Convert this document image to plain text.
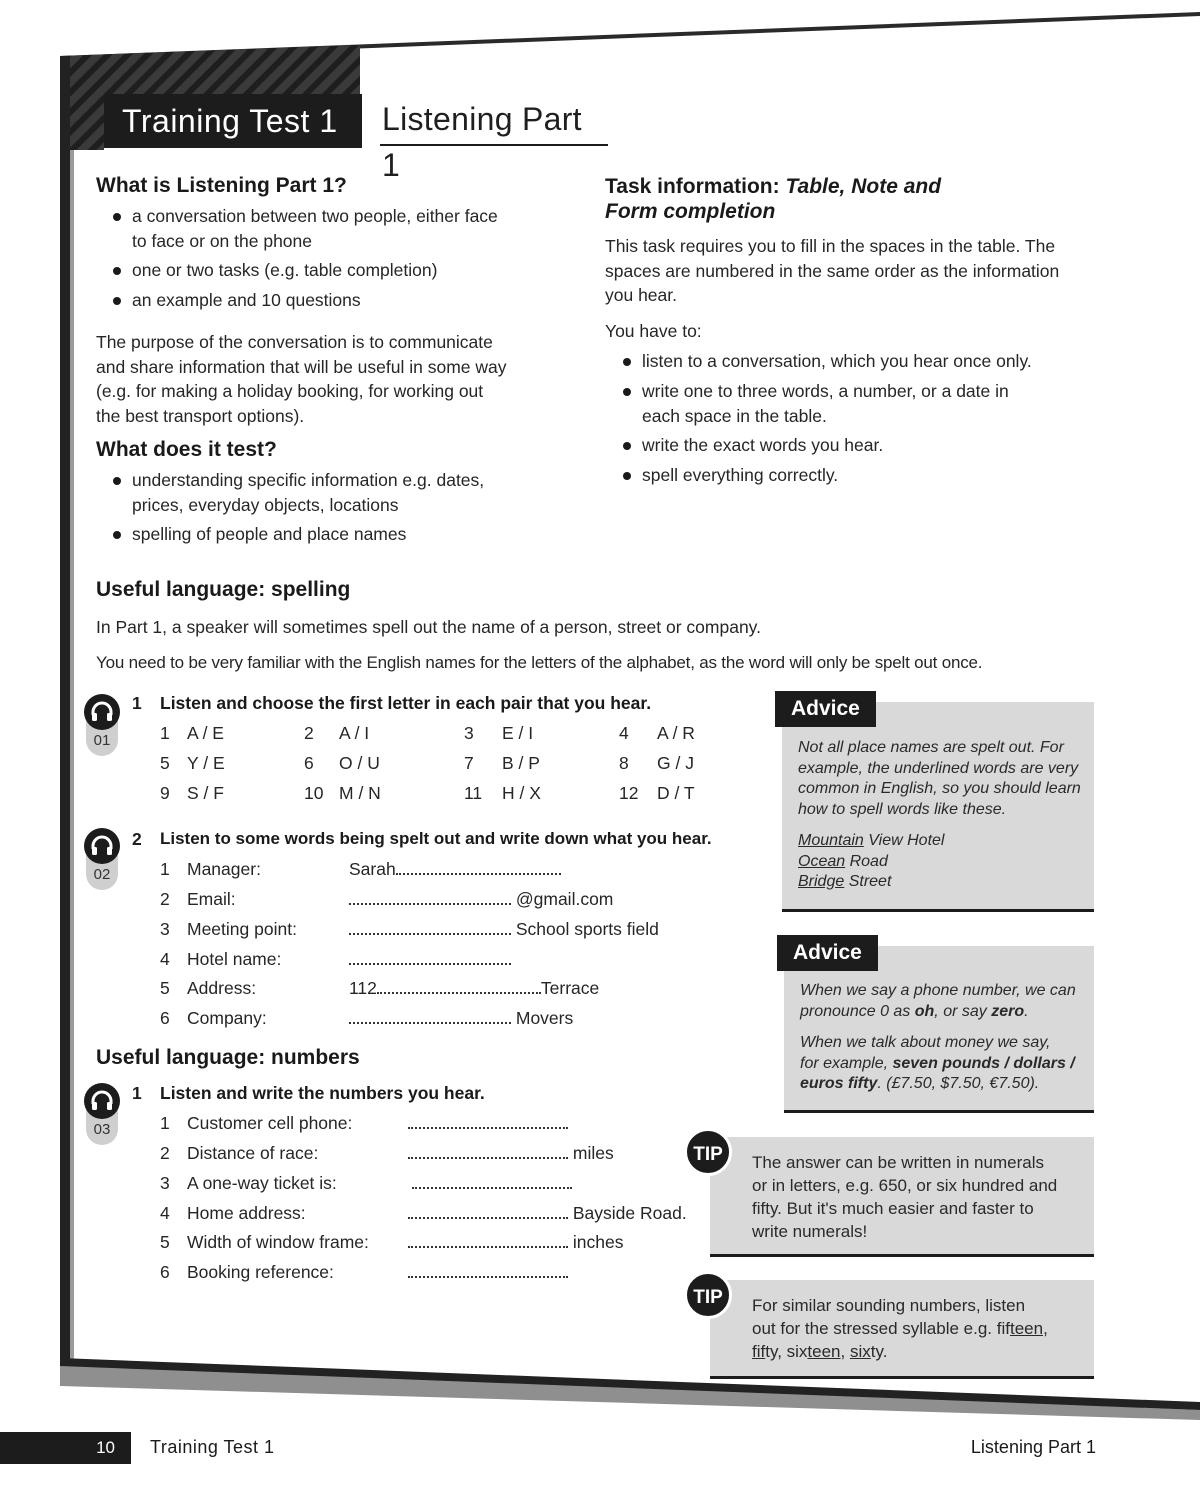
Training Test 1	Listening Part 1
What is Listening Part 1?
a conversation between two people, either face
to face or on the phone
one or two tasks (e.g. table completion)
an example and 10 questions
The purpose of the conversation is to communicate
and share information that will be useful in some way
(e.g. for making a holiday booking, for working out
the best transport options).
What does it test?
understanding specific information e.g. dates,
prices, everyday objects, locations
spelling of people and place names
Task information: Table, Note and
Form completion
This task requires you to fill in the spaces in the table. The
spaces are numbered in the same order as the information
you hear.
You have to:
listen to a conversation, which you hear once only.
write one to three words, a number, or a date in
each space in the table.
write the exact words you hear.
spell everything correctly.
Useful language: spelling
In Part 1, a speaker will sometimes spell out the name of a person, street or company.
You need to be very familiar with the English names for the letters of the alphabet, as the word will only be spelt out once.
01
1 Listen and choose the first letter in each pair that you hear.
1 A / E	2 A / I	3 E / I	4 A / R
5 Y / E	6 O / U	7 B / P	8 G / J
9 S / F	10 M / N	11 H / X	12 D / T
02
2 Listen to some words being spelt out and write down what you hear.
1 Manager:	Sarah
2 Email:	@gmail.com
3 Meeting point:	School sports field
4 Hotel name:
5 Address:	112	Terrace
6 Company:	Movers
Useful language: numbers
03
1 Listen and write the numbers you hear.
1 Customer cell phone:
2 Distance of race:	miles
3 A one-way ticket is:
4 Home address:	Bayside Road.
5 Width of window frame:	inches
6 Booking reference:
Advice
Not all place names are spelt out. For
example, the underlined words are very
common in English, so you should learn
how to spell words like these.
Mountain View Hotel
Ocean Road
Bridge Street
Advice
When we say a phone number, we can
pronounce 0 as oh, or say zero.
When we talk about money we say,
for example, seven pounds / dollars /
euros fifty. (£7.50, $7.50, €7.50).
TIP	The answer can be written in numerals
or in letters, e.g. 650, or six hundred and
fifty. But it's much easier and faster to
write numerals!
TIP	For similar sounding numbers, listen
out for the stressed syllable e.g. fifteen,
fifty, sixteen, sixty.
10	Training Test 1	Listening Part 1
